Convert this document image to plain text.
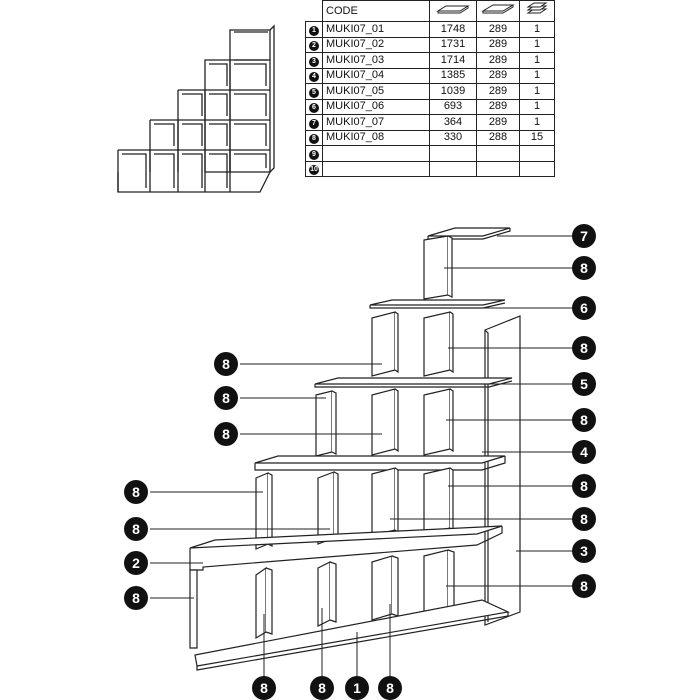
	CODE			
1	MUKI07_01	1748	289	1
2	MUKI07_02	1731	289	1
3	MUKI07_03	1714	289	1
4	MUKI07_04	1385	289	1
5	MUKI07_05	1039	289	1
6	MUKI07_06	693	289	1
7	MUKI07_07	364	289	1
8	MUKI07_08	330	288	15
9				
10				
7
8
6
8
8
5
8
8
8
4
8
8
8
8
2
3
8
8
8	8 1 8
